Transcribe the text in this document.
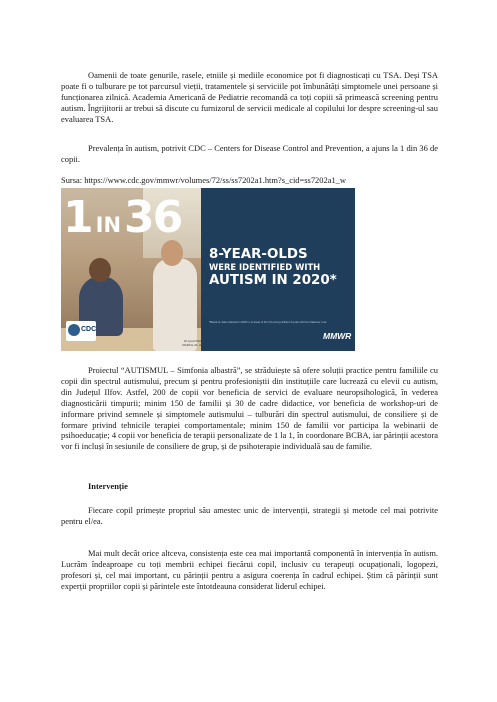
Oamenii de toate genurile, rasele, etniile și mediile economice pot fi diagnosticați cu TSA. Deși TSA poate fi o tulburare pe tot parcursul vieții, tratamentele și serviciile pot îmbunătăți simptomele unei persoane și funcționarea zilnică. Academia Americană de Pediatrie recomandă ca toți copiii să primească screening pentru autism. Îngrijitorii ar trebui să discute cu furnizorul de servicii medicale al copilului lor despre screening-ul sau evaluarea TSA.

Prevalența în autism, potrivit CDC – Centers for Disease Control and Prevention, a ajuns la 1 din 36 de copii.

Sursa: https://www.cdc.gov/mmwr/volumes/72/ss/ss7202a1.htm?s_cid=ss7202a1_w

1 IN36
8-YEAR-OLDS
WERE IDENTIFIED WITH
AUTISM IN 2020*
*Based on data collected in 2020 in 11 areas of the US among children 8 years old from Maenner et al.
CDC
MMWR
bit.ly/ss7202a1
MARCH 24, 2023

Proiectul “AUTISMUL – Simfonia albastră”, se străduiește să ofere soluții practice pentru familiile cu copii din spectrul autismului, precum și pentru profesioniștii din instituțiile care lucrează cu elevii cu autism, din Județul Ilfov. Astfel, 200 de copii vor beneficia de servici de evaluare neuropsihologică, în vederea diagnosticării timpurii; minim 150 de familii și 30 de cadre didactice, vor beneficia de workshop-uri de informare privind semnele și simptomele autismului – tulburări din spectrul autismului, de consiliere și de formare privind tehnicile terapiei comportamentale; minim 150 de familii vor participa la webinarii de psihoeducație; 4 copii vor beneficia de terapii personalizate de 1 la 1, în coordonare BCBA, iar părinții acestora vor fi incluși în sesiunile de consiliere de grup, și de psihoterapie individuală sau de familie.

Intervenție

Fiecare copil primește propriul său amestec unic de intervenții, strategii și metode cel mai potrivite pentru el/ea.

Mai mult decât orice altceva, consistența este cea mai importantă componentă în intervenția în autism. Lucrăm îndeaproape cu toți membrii echipei fiecărui copil, inclusiv cu terapeuți ocupaționali, logopezi, profesori și, cel mai important, cu părinții pentru a asigura coerența în cadrul echipei. Știm că părinții sunt experții propriilor copii și părintele este întotdeauna considerat liderul echipei.
